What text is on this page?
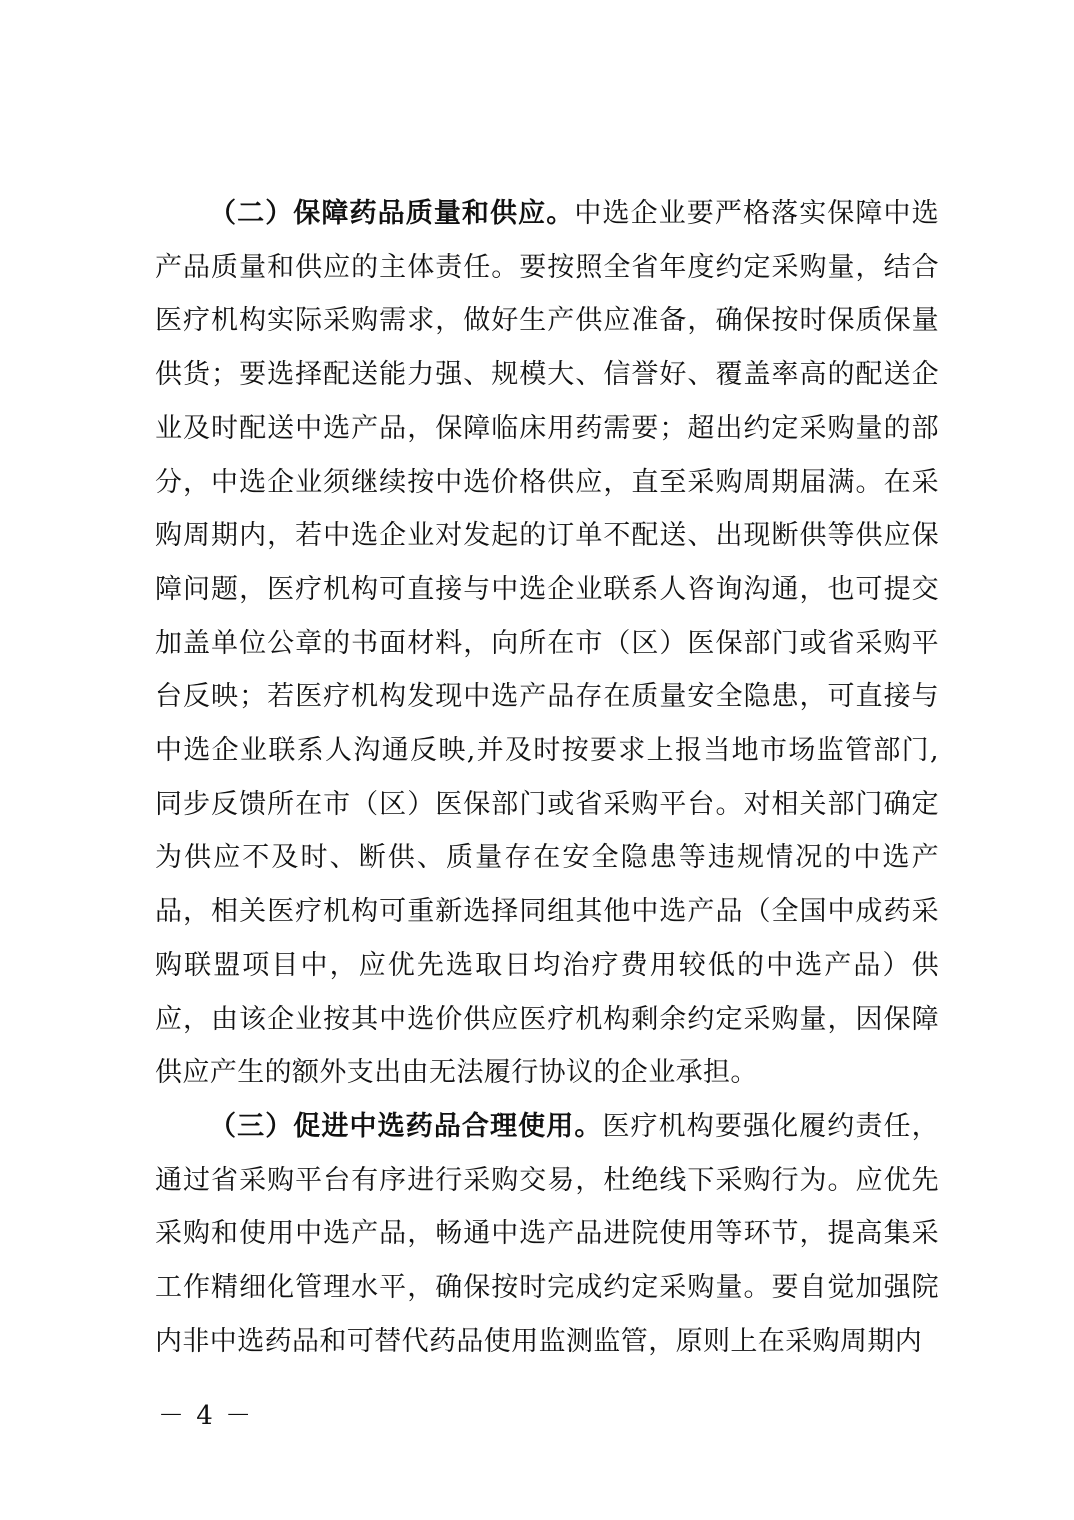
（二）保障药品质量和供应。中选企业要严格落实保障中选产品质量和供应的主体责任。要按照全省年度约定采购量，结合医疗机构实际采购需求，做好生产供应准备，确保按时保质保量供货；要选择配送能力强、规模大、信誉好、覆盖率高的配送企业及时配送中选产品，保障临床用药需要；超出约定采购量的部分，中选企业须继续按中选价格供应，直至采购周期届满。在采购周期内，若中选企业对发起的订单不配送、出现断供等供应保障问题，医疗机构可直接与中选企业联系人咨询沟通，也可提交加盖单位公章的书面材料，向所在市（区）医保部门或省采购平台反映；若医疗机构发现中选产品存在质量安全隐患，可直接与中选企业联系人沟通反映,并及时按要求上报当地市场监管部门,同步反馈所在市（区）医保部门或省采购平台。对相关部门确定为供应不及时、断供、质量存在安全隐患等违规情况的中选产品，相关医疗机构可重新选择同组其他中选产品（全国中成药采购联盟项目中，应优先选取日均治疗费用较低的中选产品）供应，由该企业按其中选价供应医疗机构剩余约定采购量，因保障供应产生的额外支出由无法履行协议的企业承担。

（三）促进中选药品合理使用。医疗机构要强化履约责任，通过省采购平台有序进行采购交易，杜绝线下采购行为。应优先采购和使用中选产品，畅通中选产品进院使用等环节，提高集采工作精细化管理水平，确保按时完成约定采购量。要自觉加强院内非中选药品和可替代药品使用监测监管，原则上在采购周期内

－ 4 －
